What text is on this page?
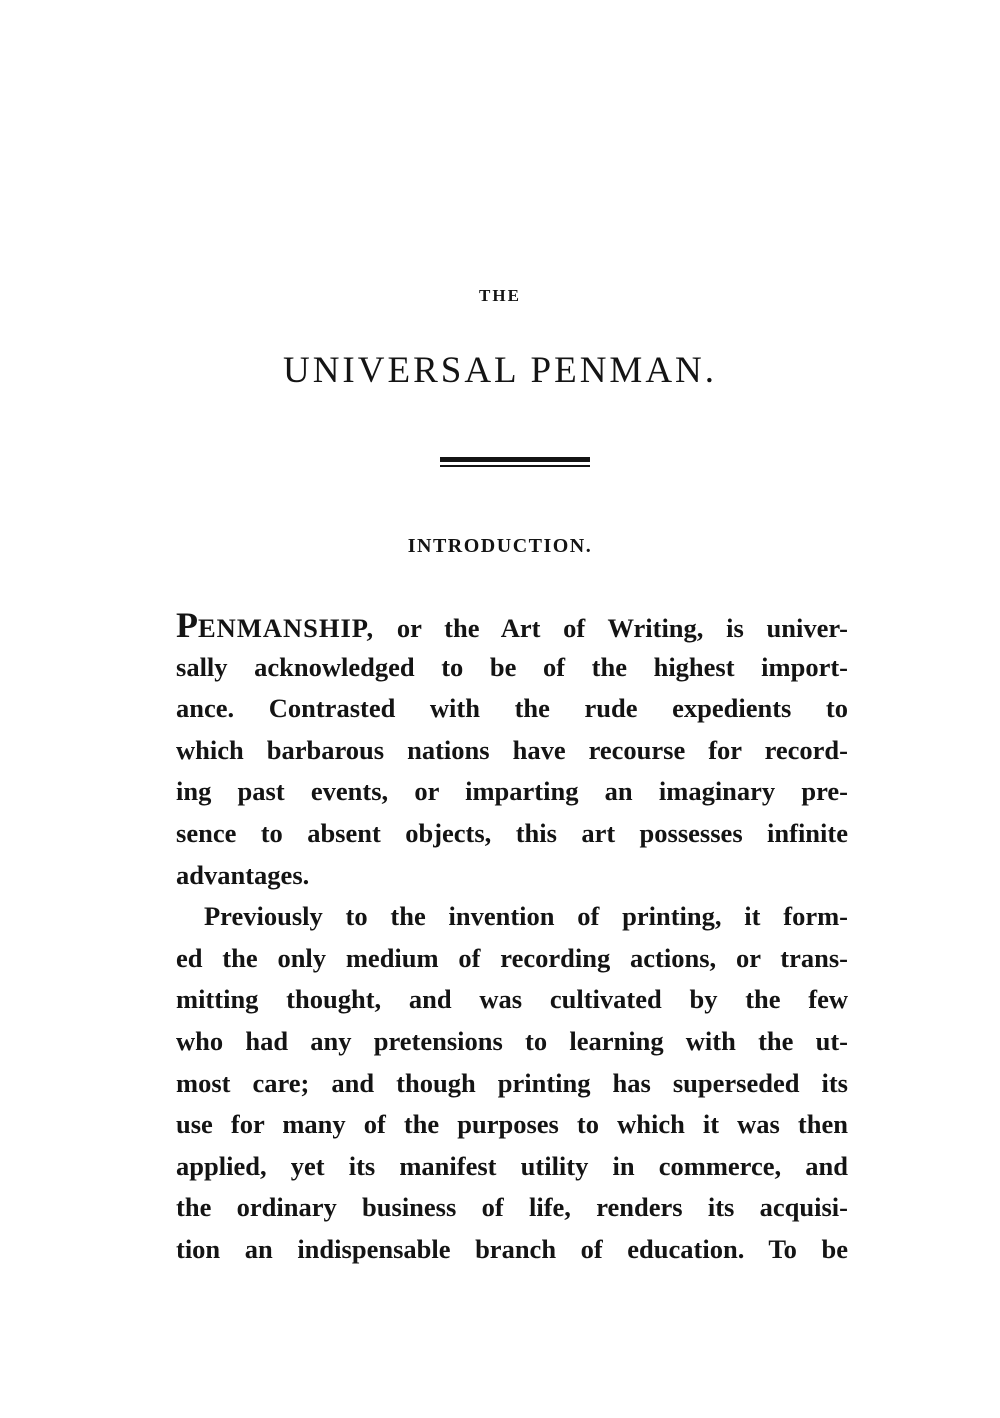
THE
UNIVERSAL PENMAN.
INTRODUCTION.
PENMANSHIP, or the Art of Writing, is univer-
sally acknowledged to be of the highest import-
ance. Contrasted with the rude expedients to
which barbarous nations have recourse for record-
ing past events, or imparting an imaginary pre-
sence to absent objects, this art possesses infinite
advantages.
Previously to the invention of printing, it form-
ed the only medium of recording actions, or trans-
mitting thought, and was cultivated by the few
who had any pretensions to learning with the ut-
most care; and though printing has superseded its
use for many of the purposes to which it was then
applied, yet its manifest utility in commerce, and
the ordinary business of life, renders its acquisi-
tion an indispensable branch of education. To be
